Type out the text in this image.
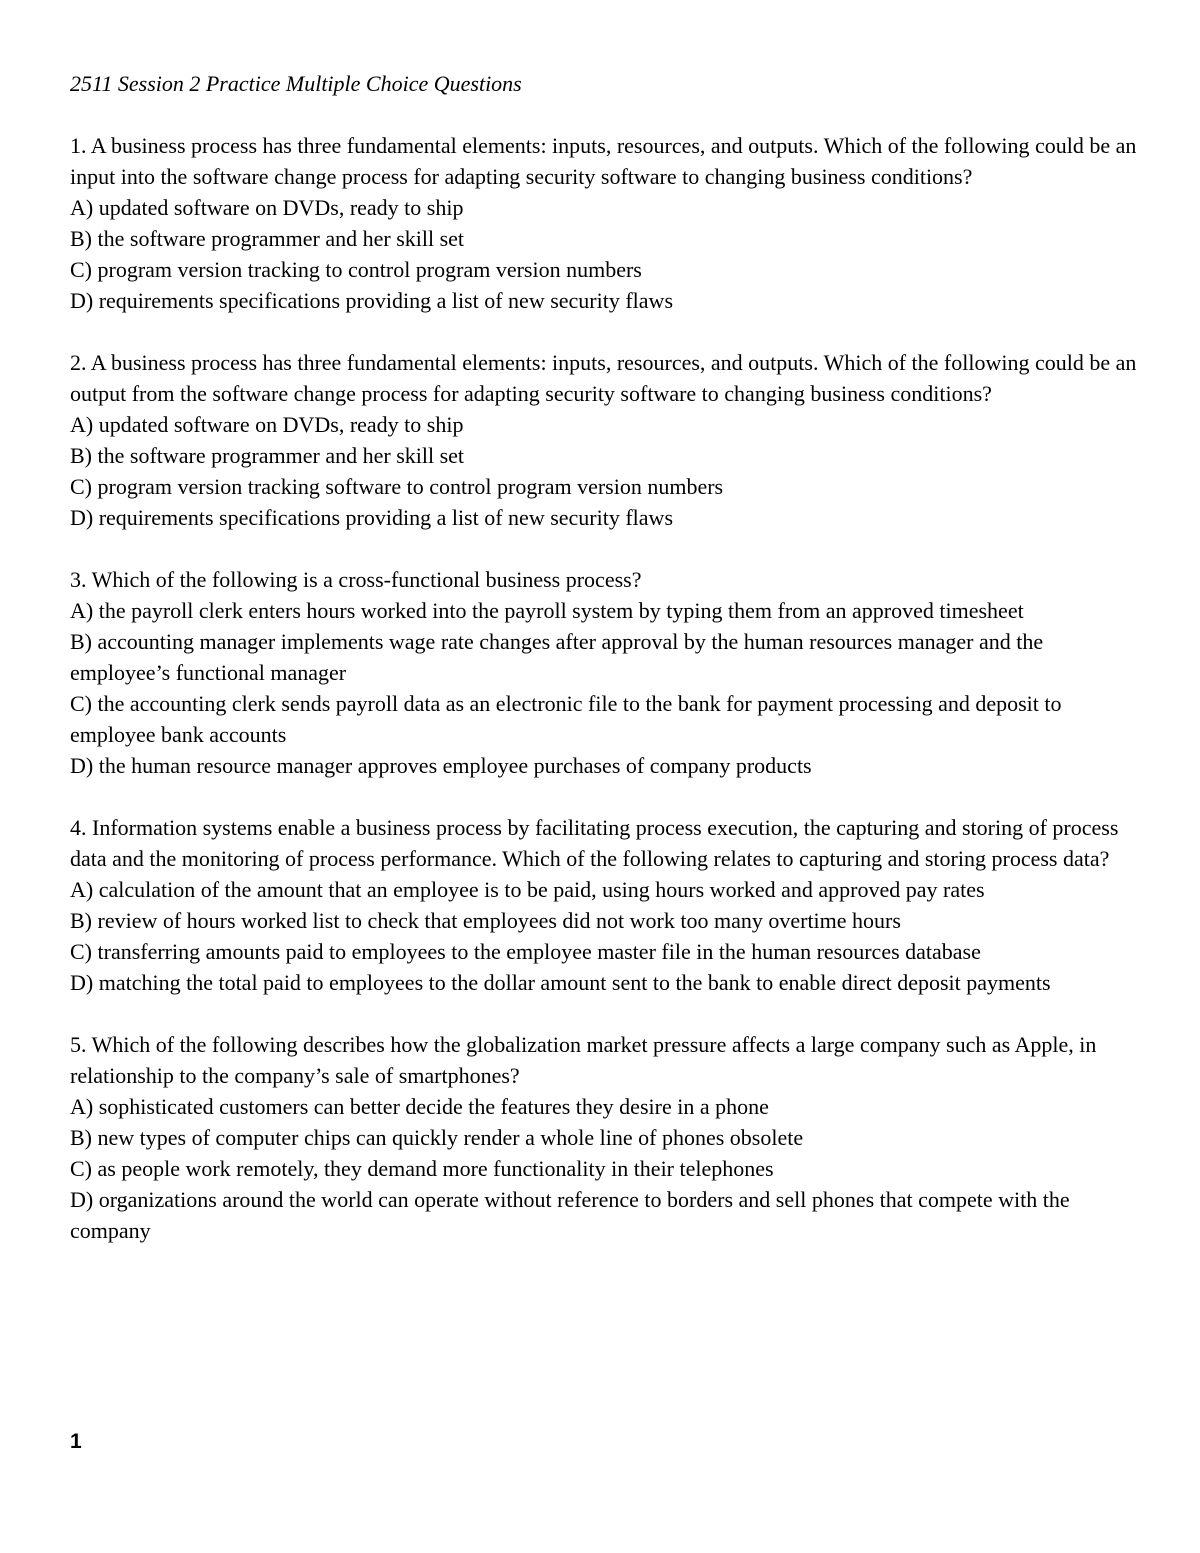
2511 Session 2 Practice Multiple Choice Questions

1. A business process has three fundamental elements: inputs, resources, and outputs. Which of the following could be an input into the software change process for adapting security software to changing business conditions?

A) updated software on DVDs, ready to ship

B) the software programmer and her skill set

C) program version tracking to control program version numbers

D) requirements specifications providing a list of new security flaws

2. A business process has three fundamental elements: inputs, resources, and outputs. Which of the following could be an output from the software change process for adapting security software to changing business conditions?

A) updated software on DVDs, ready to ship

B) the software programmer and her skill set

C) program version tracking software to control program version numbers

D) requirements specifications providing a list of new security flaws

3. Which of the following is a cross-functional business process?

A) the payroll clerk enters hours worked into the payroll system by typing them from an approved timesheet

B) accounting manager implements wage rate changes after approval by the human resources manager and the employee’s functional manager

C) the accounting clerk sends payroll data as an electronic file to the bank for payment processing and deposit to employee bank accounts

D) the human resource manager approves employee purchases of company products

4. Information systems enable a business process by facilitating process execution, the capturing and storing of process data and the monitoring of process performance. Which of the following relates to capturing and storing process data?

A) calculation of the amount that an employee is to be paid, using hours worked and approved pay rates

B) review of hours worked list to check that employees did not work too many overtime hours

C) transferring amounts paid to employees to the employee master file in the human resources database

D) matching the total paid to employees to the dollar amount sent to the bank to enable direct deposit payments

5. Which of the following describes how the globalization market pressure affects a large company such as Apple, in relationship to the company’s sale of smartphones?

A) sophisticated customers can better decide the features they desire in a phone

B) new types of computer chips can quickly render a whole line of phones obsolete

C) as people work remotely, they demand more functionality in their telephones

D) organizations around the world can operate without reference to borders and sell phones that compete with the company

1
